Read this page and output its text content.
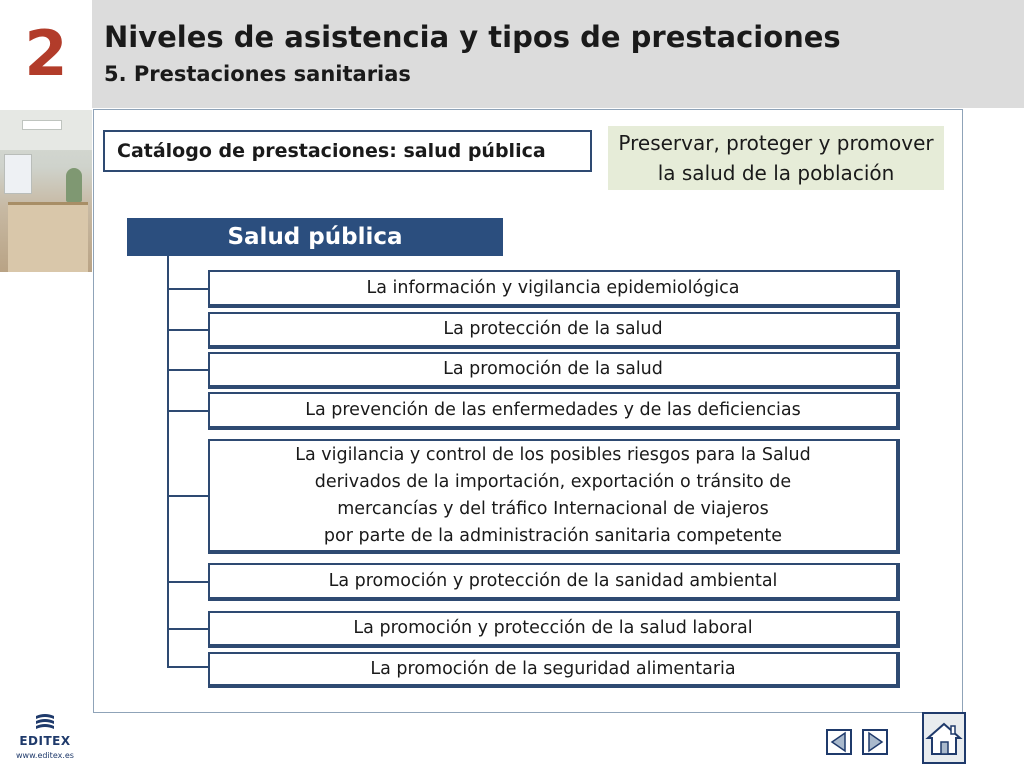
2	Niveles de asistencia y tipos de prestaciones
5. Prestaciones sanitarias
Catálogo de prestaciones: salud pública	Preservar, proteger y promover
la salud de la población
Salud pública
La información y vigilancia epidemiológica
La protección de la salud
La promoción de la salud
La prevención de las enfermedades y de las deficiencias
La vigilancia y control de los posibles riesgos para la Salud
derivados de la importación, exportación o tránsito de
mercancías y del tráfico Internacional de viajeros
por parte de la administración sanitaria competente
La promoción y protección de la sanidad ambiental
La promoción y protección de la salud laboral
La promoción de la seguridad alimentaria
EDITEX
www.editex.es
